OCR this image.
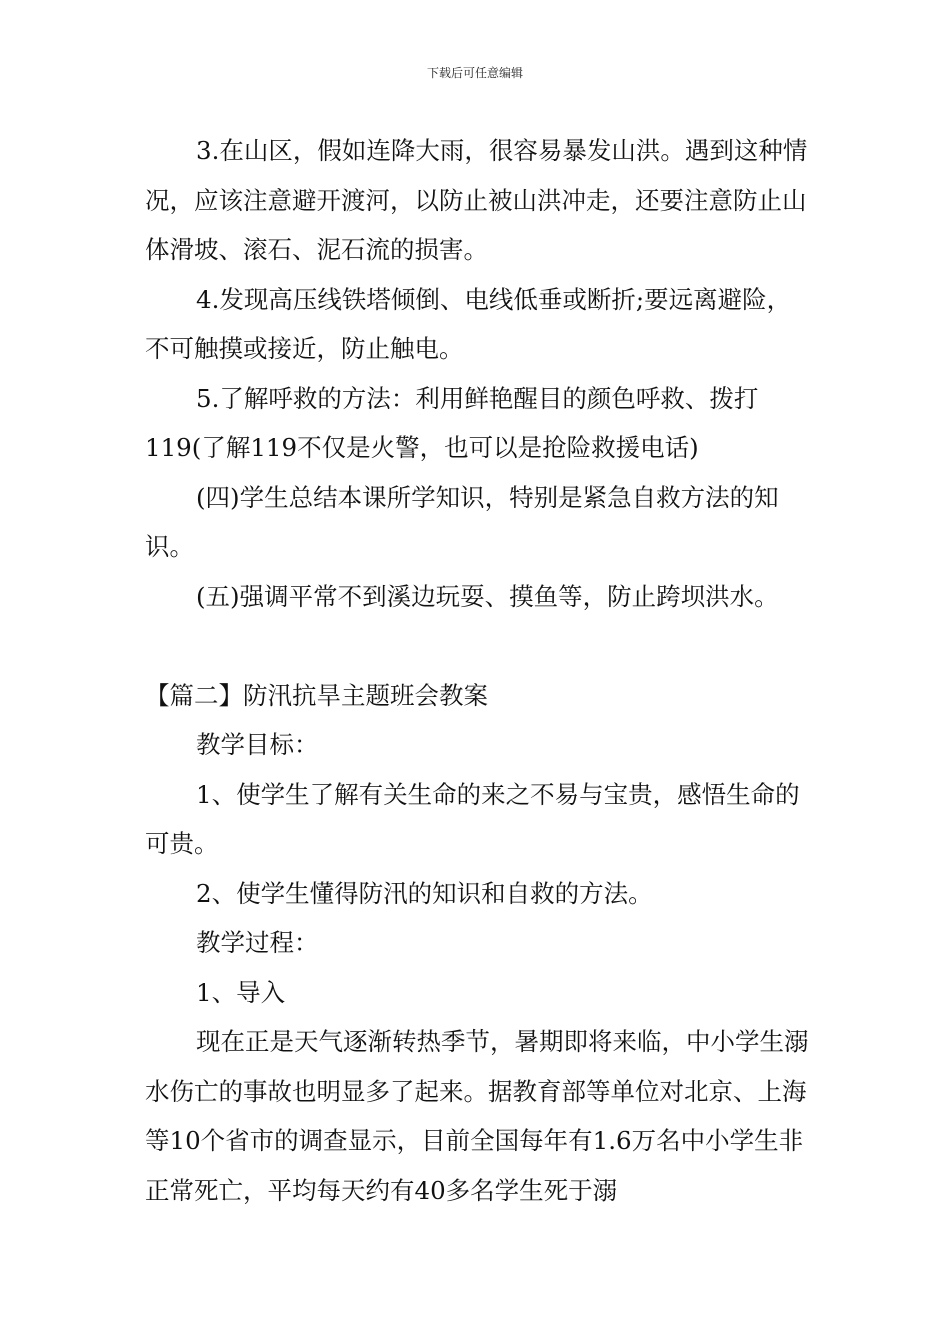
下载后可任意编辑

3.在山区，假如连降大雨，很容易暴发山洪。遇到这种情况，应该注意避开渡河，以防止被山洪冲走，还要注意防止山体滑坡、滚石、泥石流的损害。

4.发现高压线铁塔倾倒、电线低垂或断折;要远离避险，不可触摸或接近，防止触电。

5.了解呼救的方法：利用鲜艳醒目的颜色呼救、拨打119(了解119不仅是火警，也可以是抢险救援电话)

(四)学生总结本课所学知识，特别是紧急自救方法的知识。

(五)强调平常不到溪边玩耍、摸鱼等，防止跨坝洪水。

【篇二】防汛抗旱主题班会教案

教学目标：

1、使学生了解有关生命的来之不易与宝贵，感悟生命的可贵。

2、使学生懂得防汛的知识和自救的方法。

教学过程：

1、导入

现在正是天气逐渐转热季节，暑期即将来临，中小学生溺水伤亡的事故也明显多了起来。据教育部等单位对北京、上海等10个省市的调查显示，目前全国每年有1.6万名中小学生非正常死亡，平均每天约有40多名学生死于溺
